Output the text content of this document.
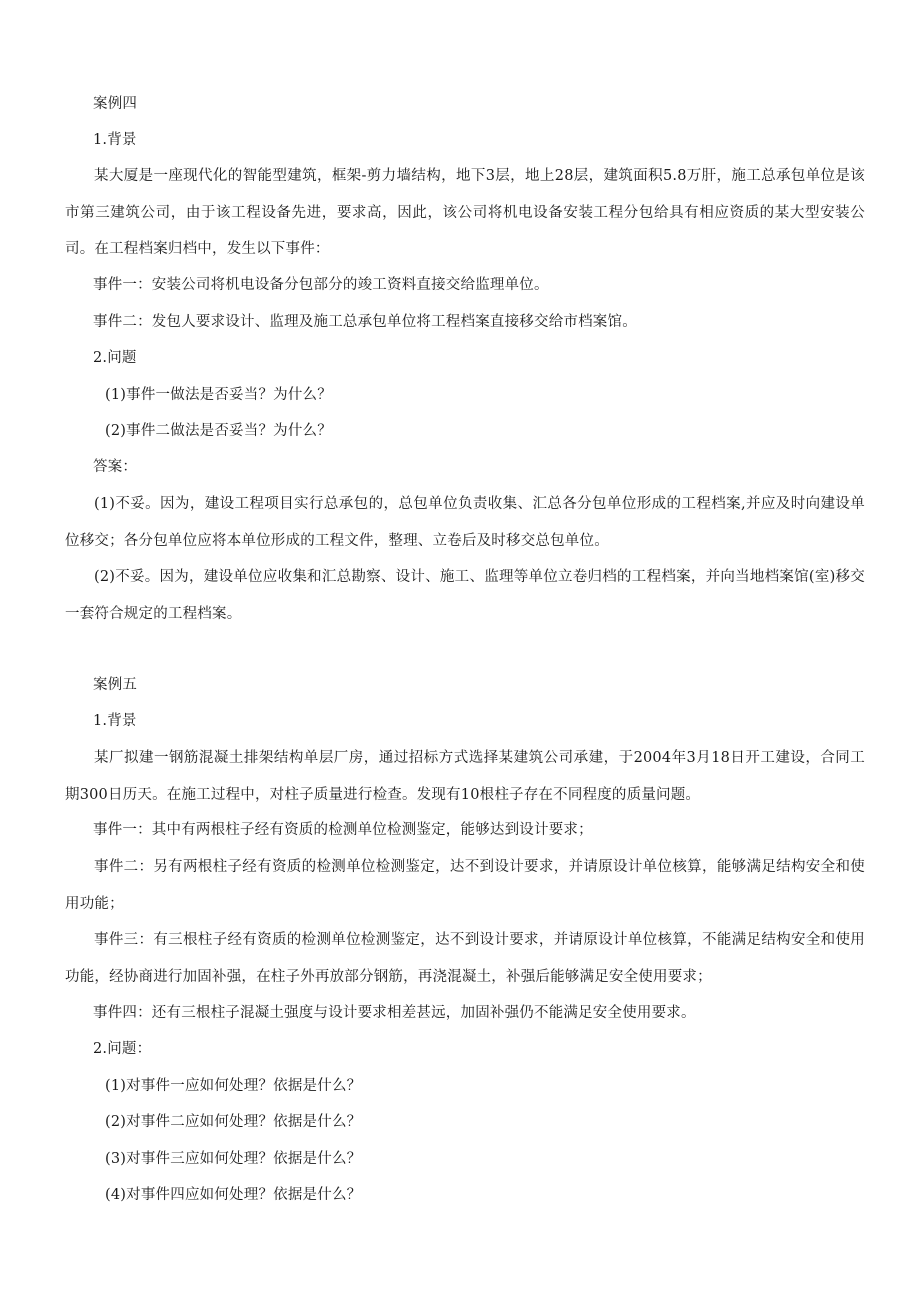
案例四
1.背景
某大厦是一座现代化的智能型建筑，框架-剪力墙结构，地下3层，地上28层，建筑面积5.8万肝，施工总承包单位是该市第三建筑公司，由于该工程设备先进，要求高，因此，该公司将机电设备安装工程分包给具有相应资质的某大型安装公司。在工程档案归档中，发生以下事件：
事件一：安装公司将机电设备分包部分的竣工资料直接交给监理单位。
事件二：发包人要求设计、监理及施工总承包单位将工程档案直接移交给市档案馆。
2.问题
(1)事件一做法是否妥当？为什么？
(2)事件二做法是否妥当？为什么？
答案：
(1)不妥。因为，建设工程项目实行总承包的，总包单位负责收集、汇总各分包单位形成的工程档案,并应及时向建设单位移交；各分包单位应将本单位形成的工程文件，整理、立卷后及时移交总包单位。
(2)不妥。因为，建设单位应收集和汇总勘察、设计、施工、监理等单位立卷归档的工程档案，并向当地档案馆(室)移交一套符合规定的工程档案。
案例五
1.背景
某厂拟建一钢筋混凝土排架结构单层厂房，通过招标方式选择某建筑公司承建，于2004年3月18日开工建设，合同工期300日历天。在施工过程中，对柱子质量进行检查。发现有10根柱子存在不同程度的质量问题。
事件一：其中有两根柱子经有资质的检测单位检测鉴定，能够达到设计要求；
事件二：另有两根柱子经有资质的检测单位检测鉴定，达不到设计要求，并请原设计单位核算，能够满足结构安全和使用功能；
事件三：有三根柱子经有资质的检测单位检测鉴定，达不到设计要求，并请原设计单位核算，不能满足结构安全和使用功能，经协商进行加固补强，在柱子外再放部分钢筋，再浇混凝土，补强后能够满足安全使用要求；
事件四：还有三根柱子混凝土强度与设计要求相差甚远，加固补强仍不能满足安全使用要求。
2.问题：
(1)对事件一应如何处理？依据是什么？
(2)对事件二应如何处理？依据是什么？
(3)对事件三应如何处理？依据是什么？
(4)对事件四应如何处理？依据是什么？
